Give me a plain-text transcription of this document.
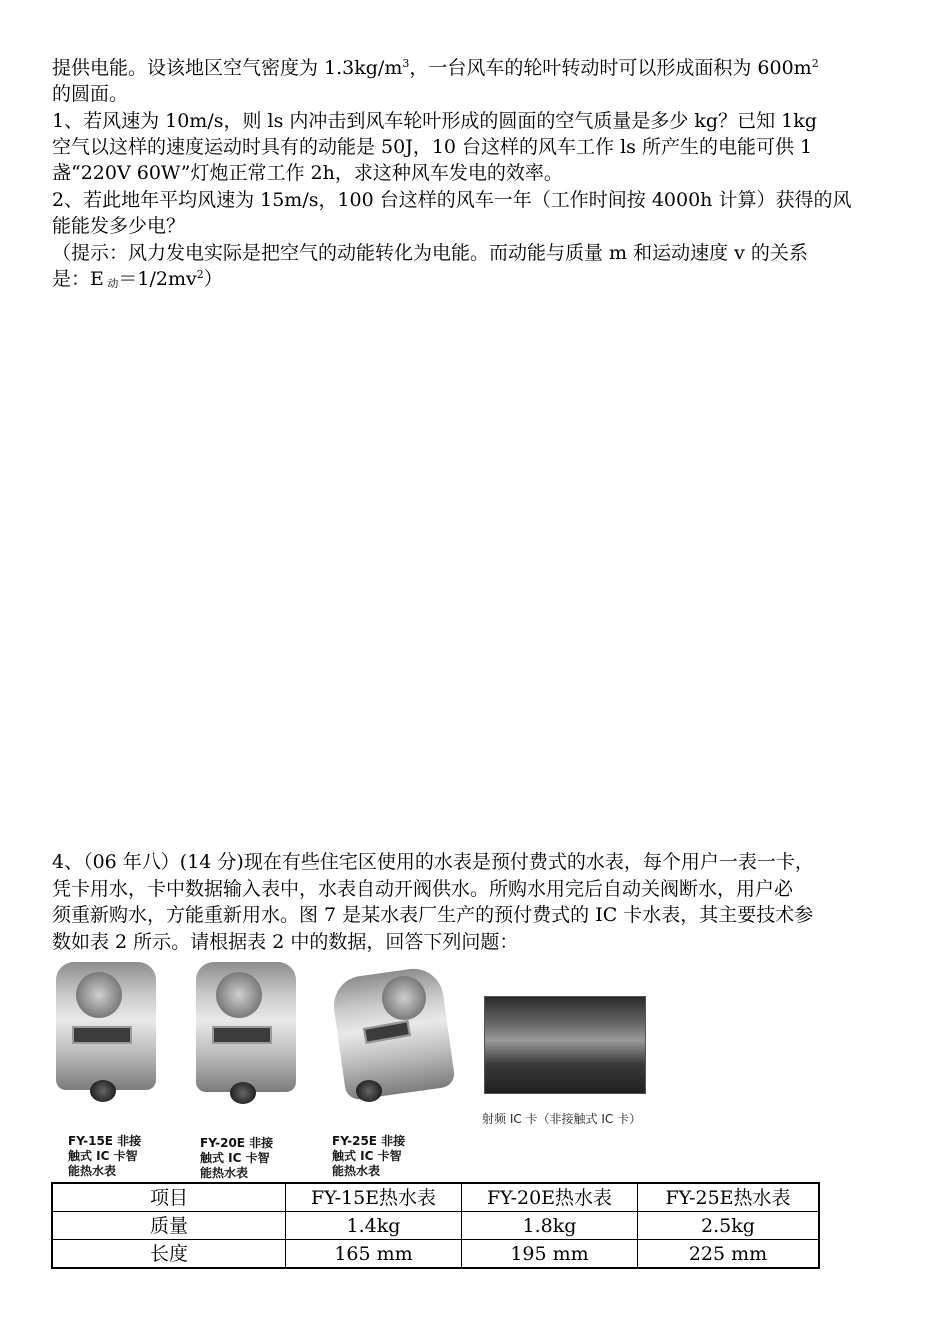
提供电能。设该地区空气密度为 $1.3kg/m^3$，一台风车的轮叶转动时可以形成面积为 $600m^2$
的圆面。
1、若风速为 10m/s，则 ls 内冲击到风车轮叶形成的圆面的空气质量是多少 kg？已知 1kg
空气以这样的速度运动时具有的动能是 50J，10 台这样的风车工作 ls 所产生的电能可供 1
盏“220V 60W”灯炮正常工作 2h，求这种风车发电的效率。
2、若此地年平均风速为 15m/s，100 台这样的风车一年（工作时间按 4000h 计算）获得的风
能能发多少电？
（提示：风力发电实际是把空气的动能转化为电能。而动能与质量 m 和运动速度 v 的关系
是：E $_动=1/2mv^2$）
4、（06 年八）(14 分)现在有些住宅区使用的水表是预付费式的水表，每个用户一表一卡，
凭卡用水，卡中数据输入表中，水表自动开阀供水。所购水用完后自动关阀断水，用户必
须重新购水，方能重新用水。图 7 是某水表厂生产的预付费式的 IC 卡水表，其主要技术参
数如表 2 所示。请根据表 2 中的数据，回答下列问题：
FY-15E 非接
触式 IC 卡智
能热水表
FY-20E 非接
触式 IC 卡智
能热水表
FY-25E 非接
触式 IC 卡智
能热水表
射频 IC 卡（非接触式 IC 卡）
项目	FY-15E热水表	FY-20E热水表	FY-25E热水表
质量	1.4kg	1.8kg	2.5kg
长度	165 mm	195 mm	225 mm
